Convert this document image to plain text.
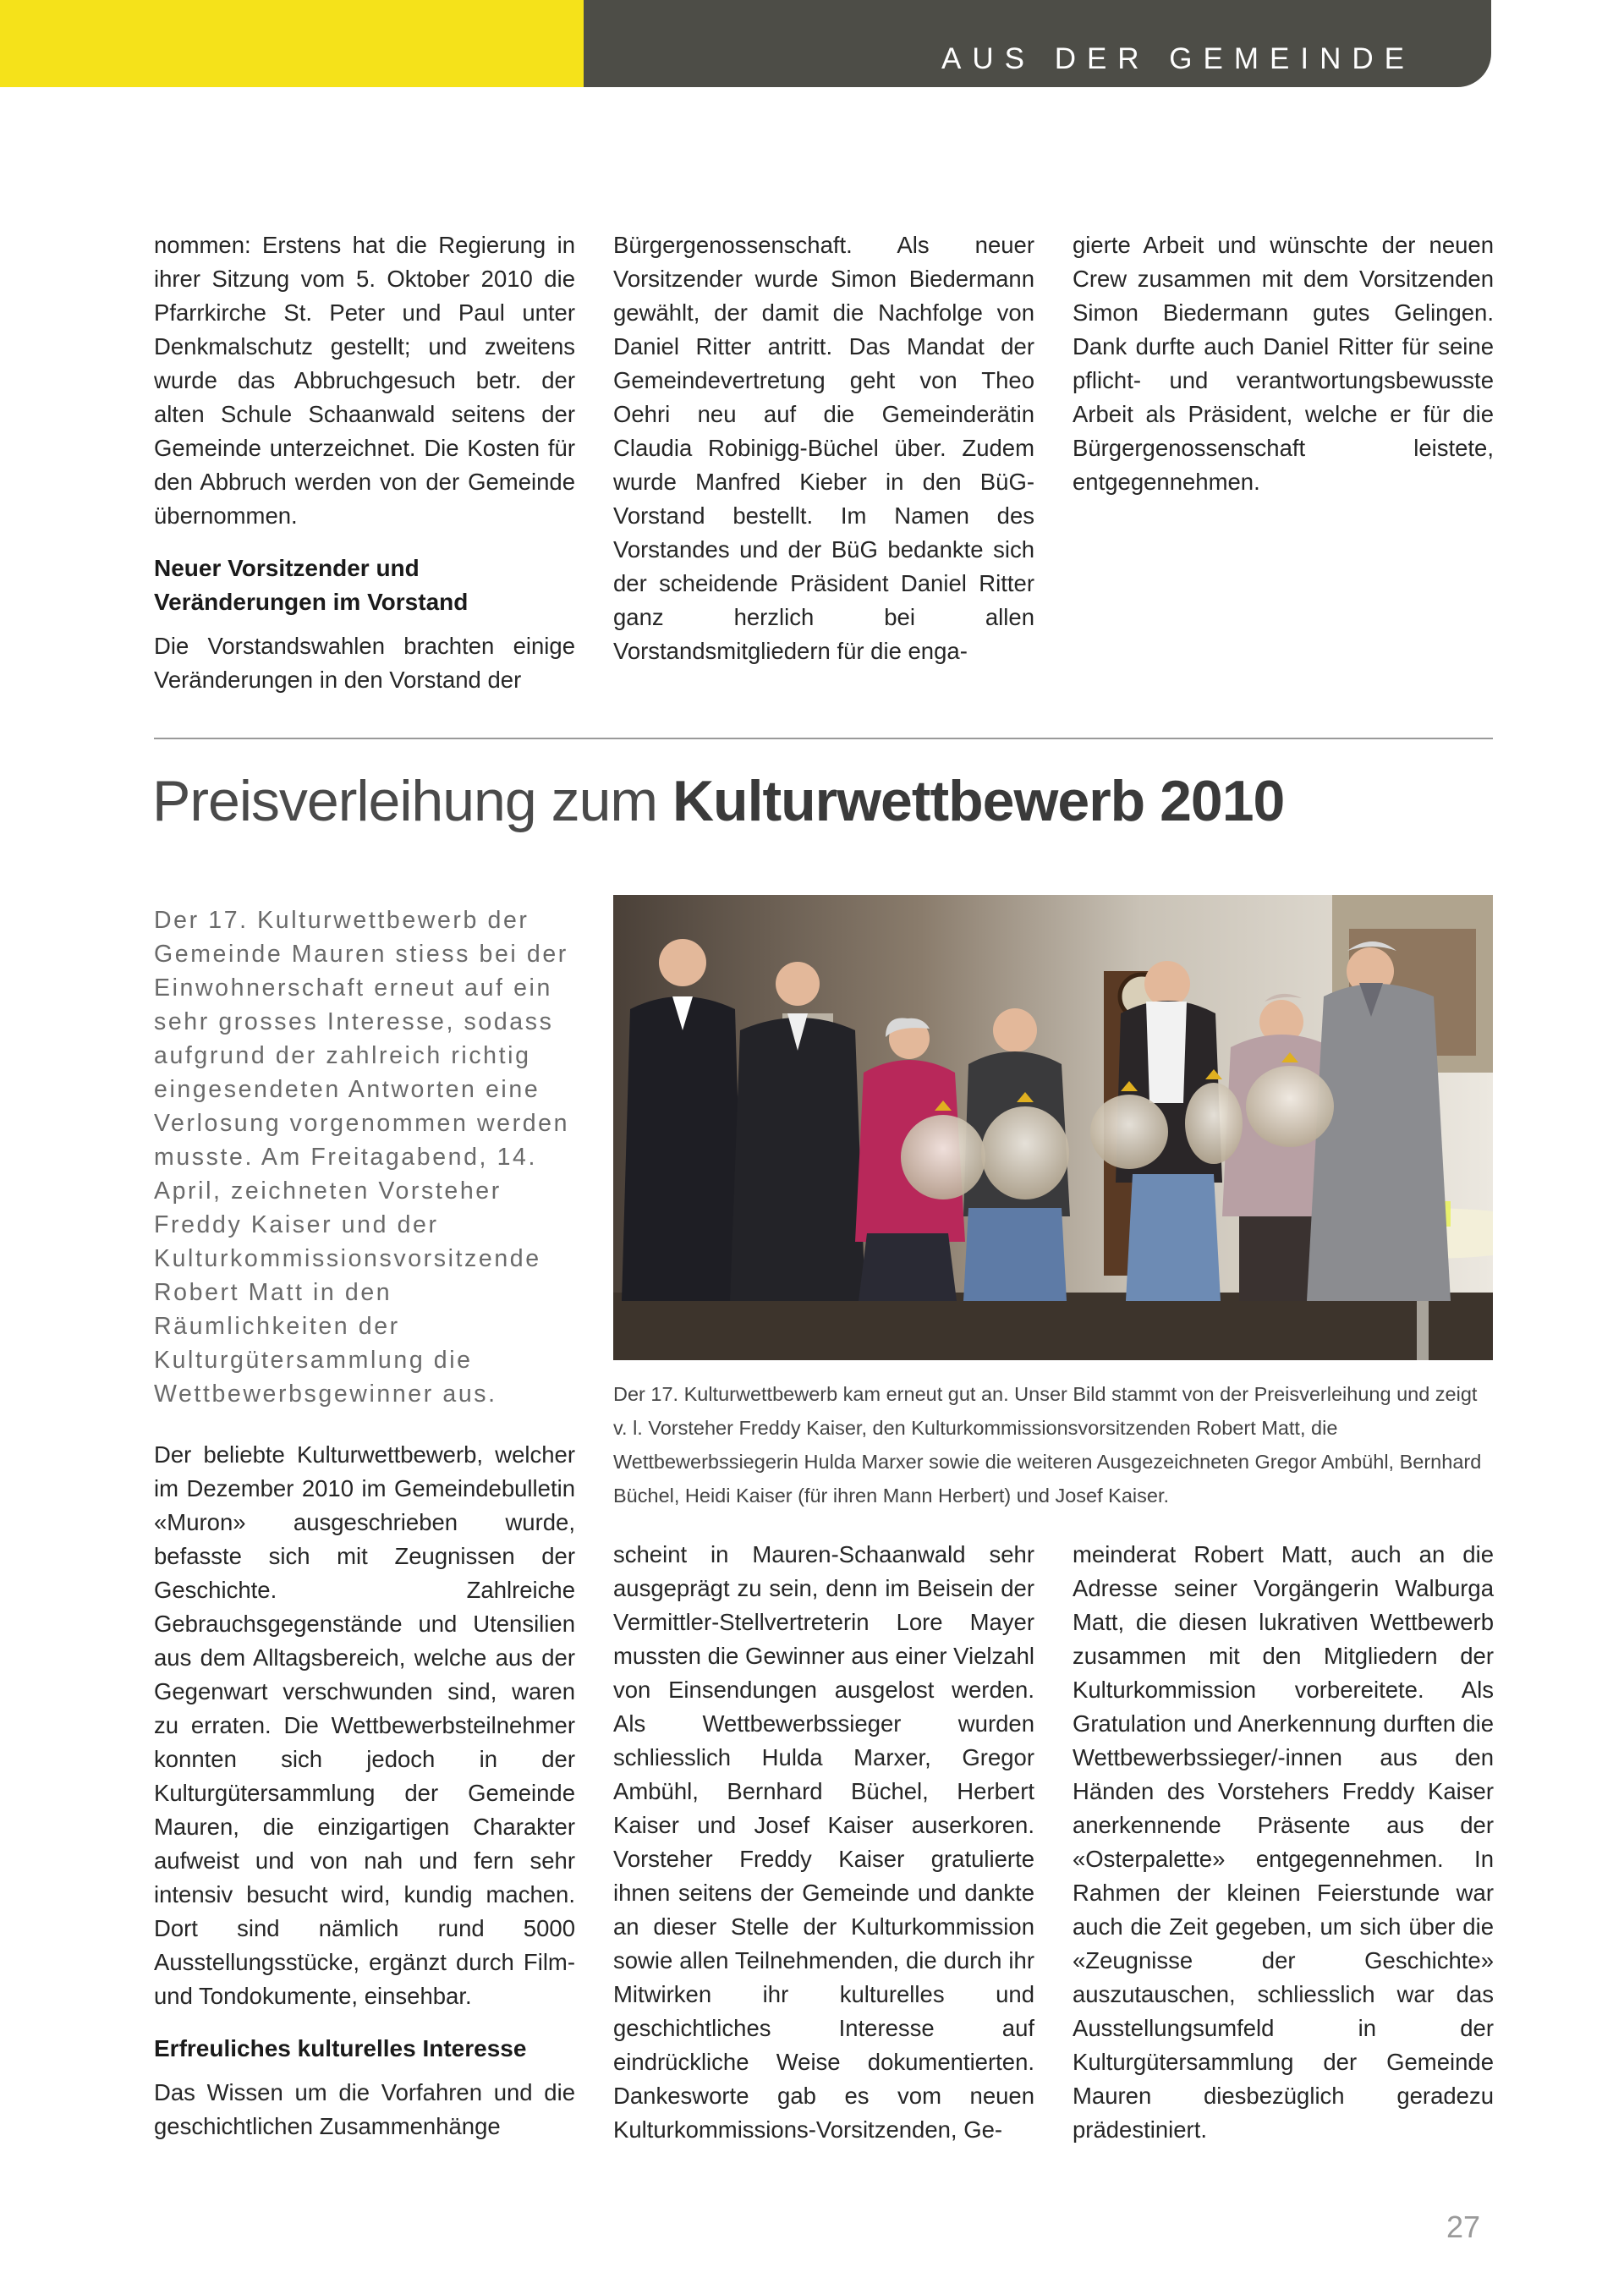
AUS DER GEMEINDE

nommen: Erstens hat die Regierung in ihrer Sitzung vom 5. Oktober 2010 die Pfarrkirche St. Peter und Paul unter Denkmalschutz gestellt; und zweitens wurde das Abbruchgesuch betr. der alten Schule Schaanwald seitens der Gemeinde unterzeichnet. Die Kosten für den Abbruch werden von der Gemeinde übernommen.

Neuer Vorsitzender und Veränderungen im Vorstand

Die Vorstandswahlen brachten einige Veränderungen in den Vorstand der

Bürgergenossenschaft. Als neuer Vorsitzender wurde Simon Biedermann gewählt, der damit die Nachfolge von Daniel Ritter antritt. Das Mandat der Gemeindevertretung geht von Theo Oehri neu auf die Gemeinderätin Claudia Robinigg-Büchel über. Zudem wurde Manfred Kieber in den BüG-Vorstand bestellt. Im Namen des Vorstandes und der BüG bedankte sich der scheidende Präsident Daniel Ritter ganz herzlich bei allen Vorstandsmitgliedern für die enga-

gierte Arbeit und wünschte der neuen Crew zusammen mit dem Vorsitzenden Simon Biedermann gutes Gelingen. Dank durfte auch Daniel Ritter für seine pflicht- und verantwortungsbewusste Arbeit als Präsident, welche er für die Bürgergenossenschaft leistete, entgegennehmen.

Preisverleihung zum Kulturwettbewerb 2010

Der 17. Kulturwettbewerb der Gemeinde Mauren stiess bei der Einwohnerschaft erneut auf ein sehr grosses Interesse, sodass aufgrund der zahlreich richtig eingesendeten Antworten eine Verlosung vorgenommen werden musste. Am Freitagabend, 14. April, zeichneten Vorsteher Freddy Kaiser und der Kulturkommissionsvorsitzende Robert Matt in den Räumlichkeiten der Kulturgütersammlung die Wettbewerbsgewinner aus.	Der 17. Kulturwettbewerb kam erneut gut an. Unser Bild stammt von der Preisverleihung und zeigt v. l. Vorsteher Freddy Kaiser, den Kulturkommissionsvorsitzenden Robert Matt, die Wettbewerbssiegerin Hulda Marxer sowie die weiteren Ausgezeichneten Gregor Ambühl, Bernhard Büchel, Heidi Kaiser (für ihren Mann Herbert) und Josef Kaiser.

Der beliebte Kulturwettbewerb, welcher im Dezember 2010 im Gemeindebulletin «Muron» ausgeschrieben wurde, befasste sich mit Zeugnissen der Geschichte. Zahlreiche Gebrauchsgegenstände und Utensilien aus dem Alltagsbereich, welche aus der Gegenwart verschwunden sind, waren zu erraten. Die Wettbewerbsteilnehmer konnten sich jedoch in der Kulturgütersammlung der Gemeinde Mauren, die einzigartigen Charakter aufweist und von nah und fern sehr intensiv besucht wird, kundig machen. Dort sind nämlich rund 5000 Ausstellungsstücke, ergänzt durch Film- und Tondokumente, einsehbar.

Erfreuliches kulturelles Interesse

Das Wissen um die Vorfahren und die geschichtlichen Zusammenhänge

scheint in Mauren-Schaanwald sehr ausgeprägt zu sein, denn im Beisein der Vermittler-Stellvertreterin Lore Mayer mussten die Gewinner aus einer Vielzahl von Einsendungen ausgelost werden. Als Wettbewerbssieger wurden schliesslich Hulda Marxer, Gregor Ambühl, Bernhard Büchel, Herbert Kaiser und Josef Kaiser auserkoren. Vorsteher Freddy Kaiser gratulierte ihnen seitens der Gemeinde und dankte an dieser Stelle der Kulturkommission sowie allen Teilnehmenden, die durch ihr Mitwirken ihr kulturelles und geschichtliches Interesse auf eindrückliche Weise dokumentierten. Dankesworte gab es vom neuen Kulturkommissions-Vorsitzenden, Ge-

meinderat Robert Matt, auch an die Adresse seiner Vorgängerin Walburga Matt, die diesen lukrativen Wettbewerb zusammen mit den Mitgliedern der Kulturkommission vorbereitete. Als Gratulation und Anerkennung durften die Wettbewerbssieger/-innen aus den Händen des Vorstehers Freddy Kaiser anerkennende Präsente aus der «Osterpalette» entgegennehmen. In Rahmen der kleinen Feierstunde war auch die Zeit gegeben, um sich über die «Zeugnisse der Geschichte» auszutauschen, schliesslich war das Ausstellungsumfeld in der Kulturgütersammlung der Gemeinde Mauren diesbezüglich geradezu prädestiniert.

27
